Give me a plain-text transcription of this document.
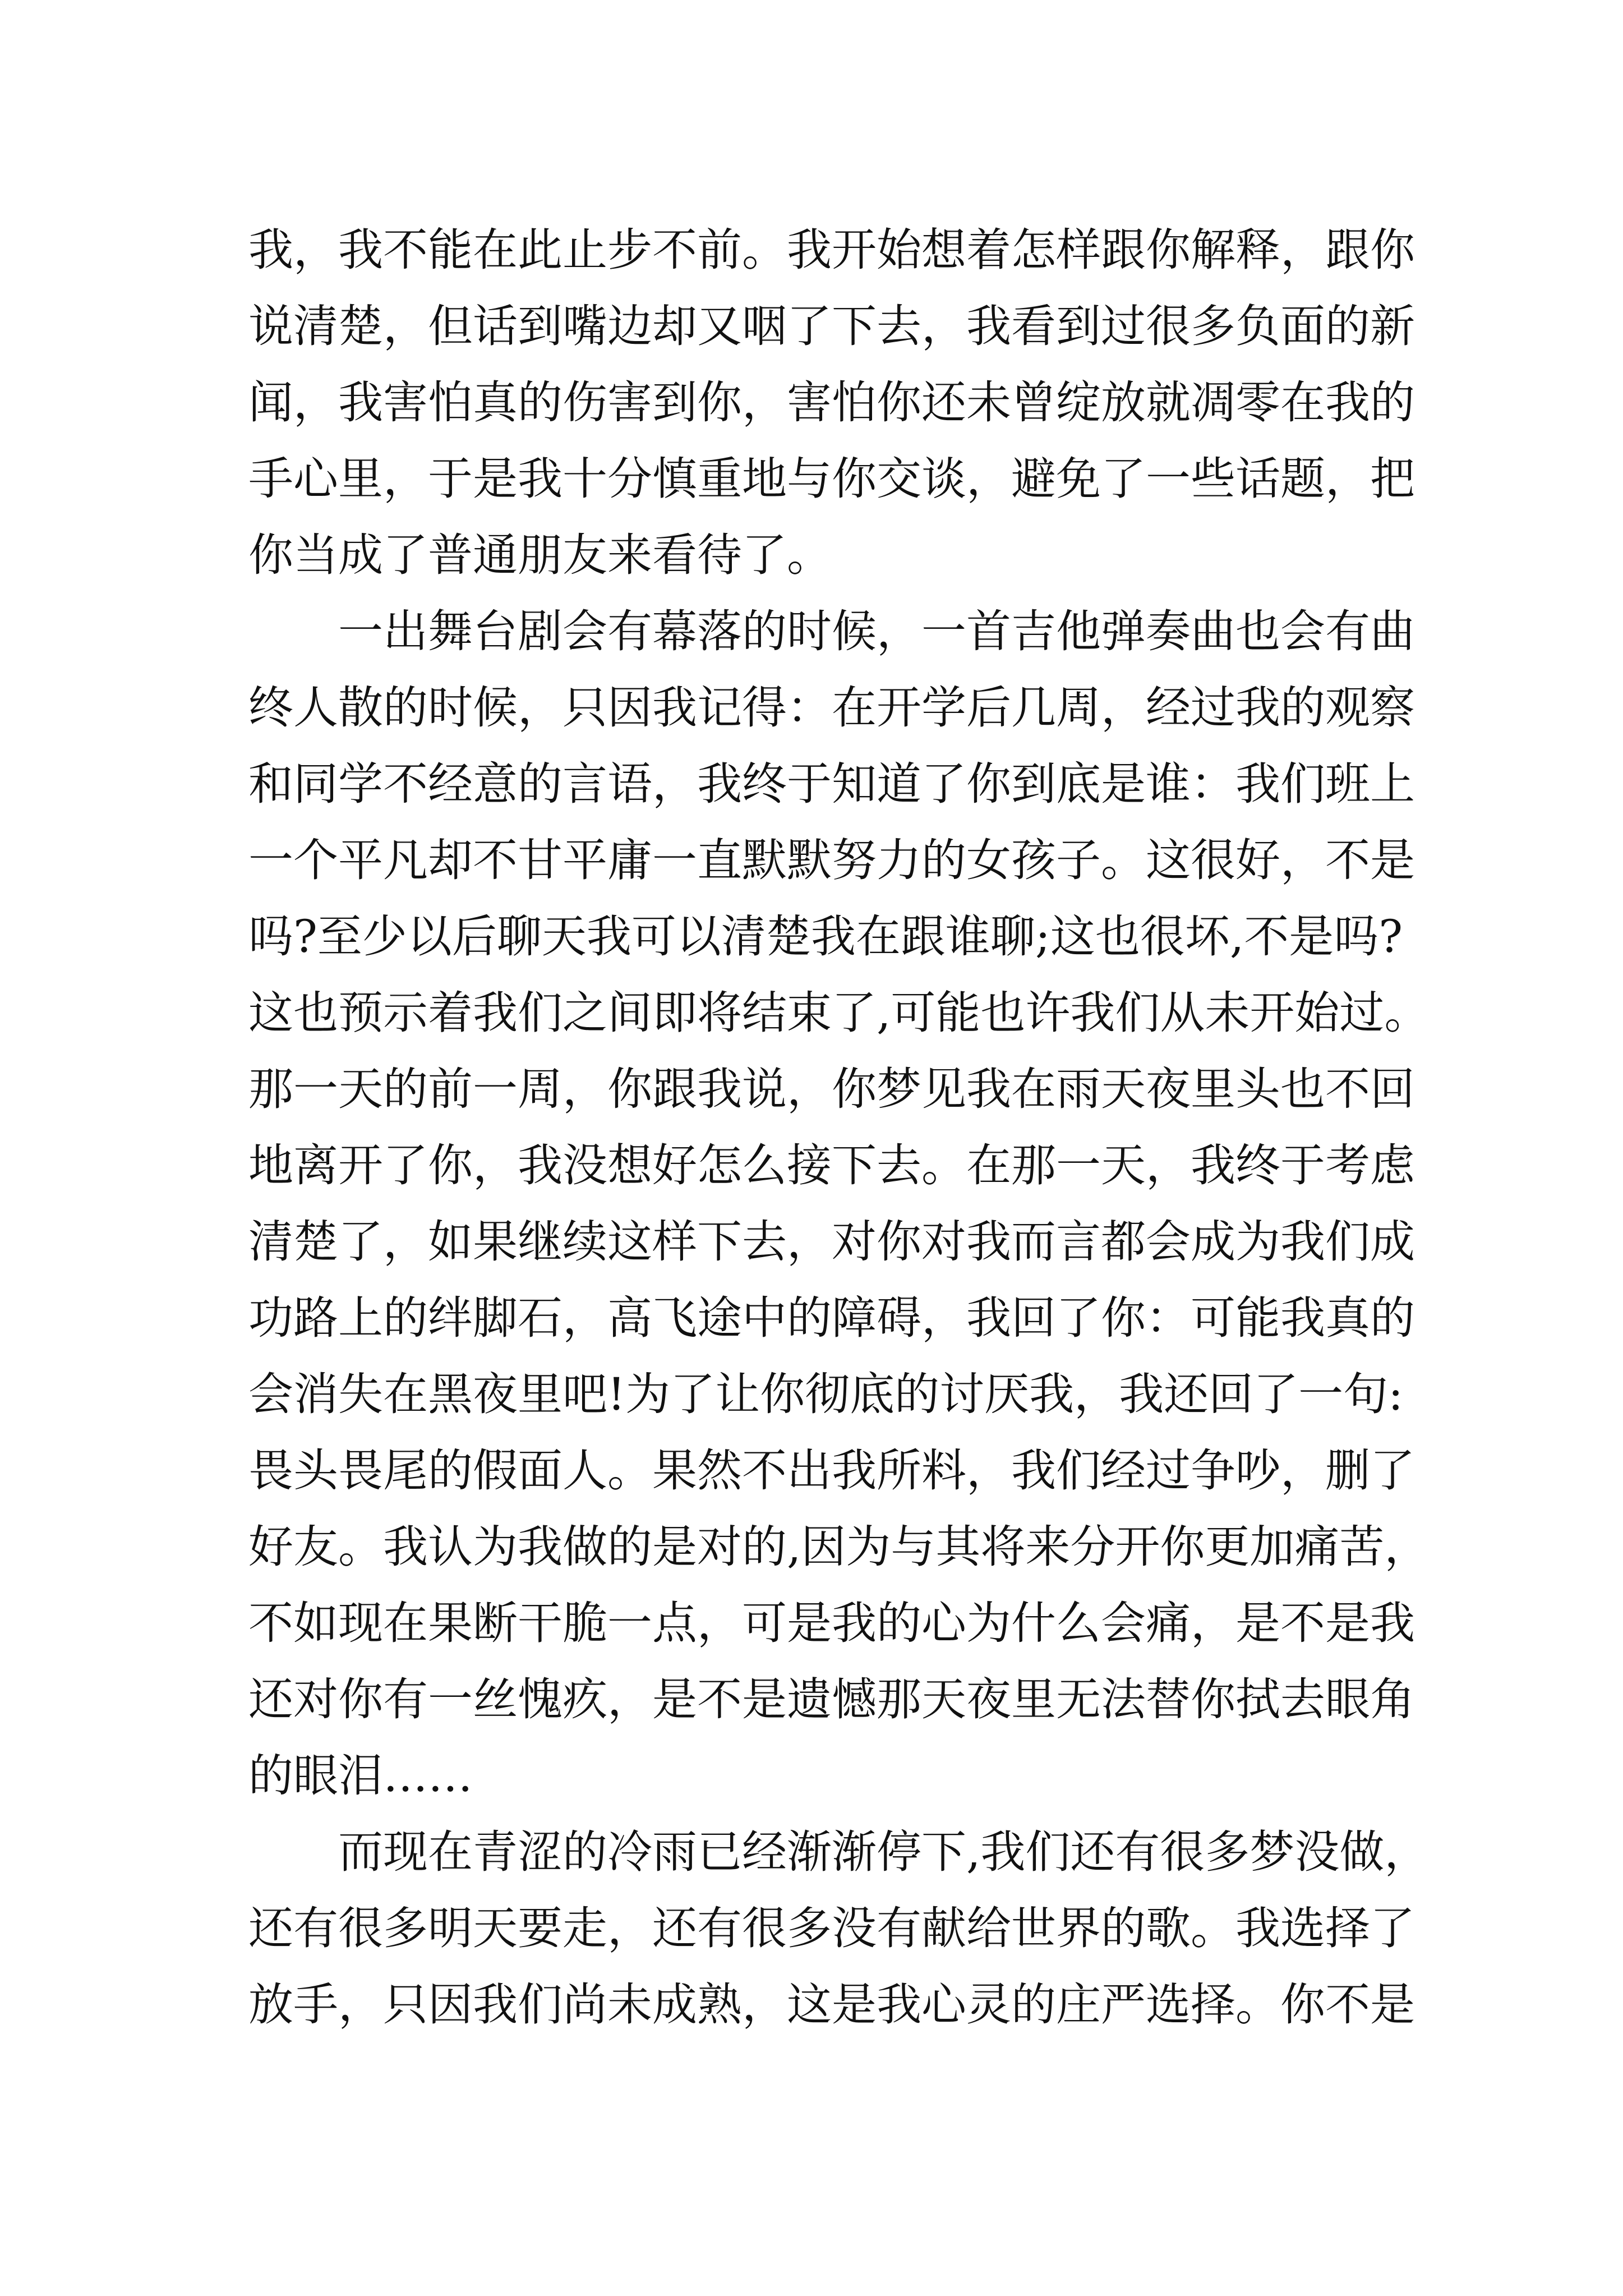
我，我不能在此止步不前。我开始想着怎样跟你解释，跟你
说清楚，但话到嘴边却又咽了下去，我看到过很多负面的新
闻，我害怕真的伤害到你，害怕你还未曾绽放就凋零在我的
手心里，于是我十分慎重地与你交谈，避免了一些话题，把
你当成了普通朋友来看待了。
一出舞台剧会有幕落的时候，一首吉他弹奏曲也会有曲
终人散的时候，只因我记得：在开学后几周，经过我的观察
和同学不经意的言语，我终于知道了你到底是谁：我们班上
一个平凡却不甘平庸一直默默努力的女孩子。这很好，不是
吗?至少以后聊天我可以清楚我在跟谁聊;这也很坏,不是吗?
这也预示着我们之间即将结束了,可能也许我们从未开始过。
那一天的前一周，你跟我说，你梦见我在雨天夜里头也不回
地离开了你，我没想好怎么接下去。在那一天，我终于考虑
清楚了，如果继续这样下去，对你对我而言都会成为我们成
功路上的绊脚石，高飞途中的障碍，我回了你：可能我真的
会消失在黑夜里吧!为了让你彻底的讨厌我，我还回了一句:
畏头畏尾的假面人。果然不出我所料，我们经过争吵，删了
好友。我认为我做的是对的,因为与其将来分开你更加痛苦，
不如现在果断干脆一点，可是我的心为什么会痛，是不是我
还对你有一丝愧疚，是不是遗憾那天夜里无法替你拭去眼角
的眼泪……
而现在青涩的冷雨已经渐渐停下,我们还有很多梦没做，
还有很多明天要走，还有很多没有献给世界的歌。我选择了
放手，只因我们尚未成熟，这是我心灵的庄严选择。你不是
